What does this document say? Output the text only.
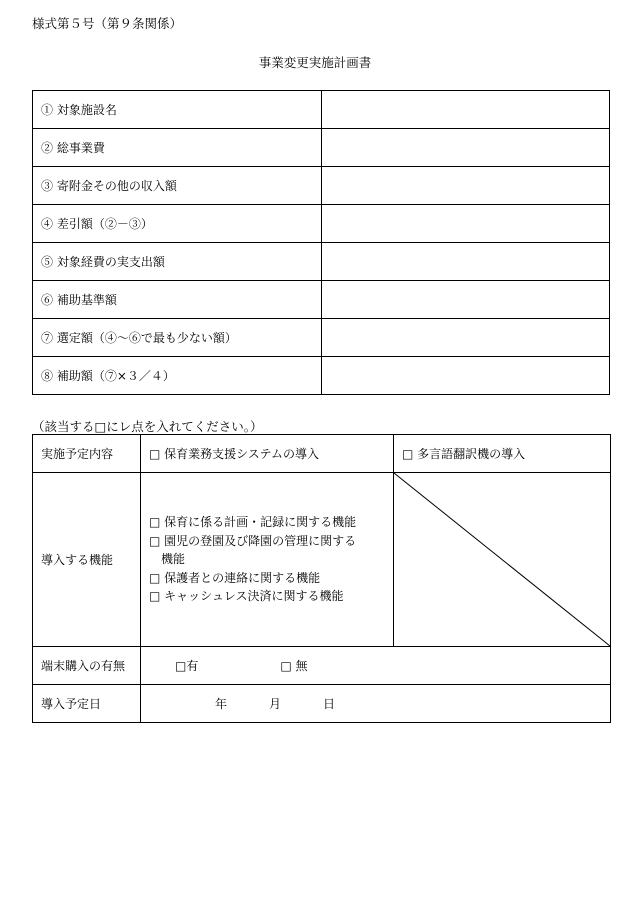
様式第５号（第９条関係）
事業変更実施計画書
① 対象施設名	
② 総事業費	
③ 寄附金その他の収入額	
④ 差引額（②－③）	
⑤ 対象経費の実支出額	
⑥ 補助基準額	
⑦ 選定額（④～⑥で最も少ない額）	
⑧ 補助額（⑦×３／４）	
（該当する□にレ点を入れてください。）
実施予定内容	□ 保育業務支援システムの導入	□ 多言語翻訳機の導入
導入する機能	□ 保育に係る計画・記録に関する機能
□ 園児の登園及び降園の管理に関する
機能
□ 保護者との連絡に関する機能
□ キャッシュレス決済に関する機能

端末購入の有無	□有 □ 無	

導入予定日	年 月 日	
